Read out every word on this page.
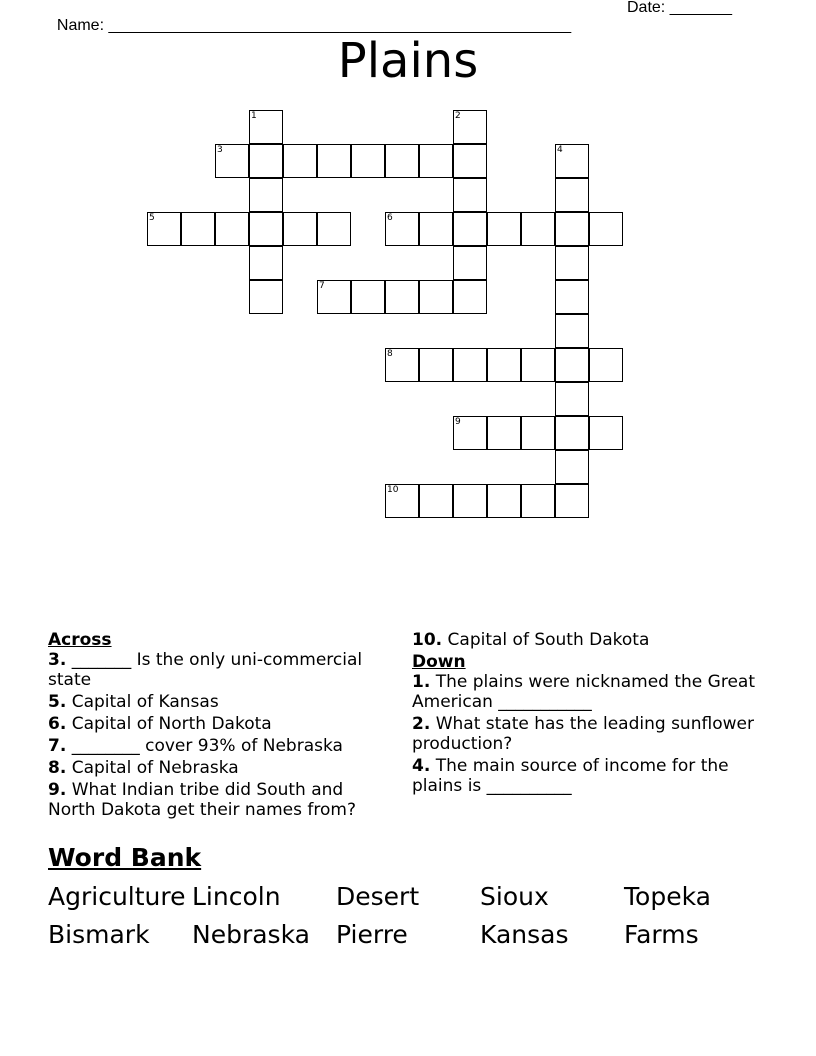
Name: ____________________________________________________

Date: _______

Plains
1	2
3	4
5	6
7
8
9
10
Across
3. _______ Is the only uni-commercial state
5. Capital of Kansas
6. Capital of North Dakota
7. ________ cover 93% of Nebraska
8. Capital of Nebraska
9. What Indian tribe did South and North Dakota get their names from?
10. Capital of South Dakota
Down
1. The plains were nicknamed the Great American ___________
2. What state has the leading sunflower production?
4. The main source of income for the plains is __________
Word Bank
Agriculture Lincoln	Desert	Sioux	Topeka
Bismark	Nebraska	Pierre	Kansas	Farms
